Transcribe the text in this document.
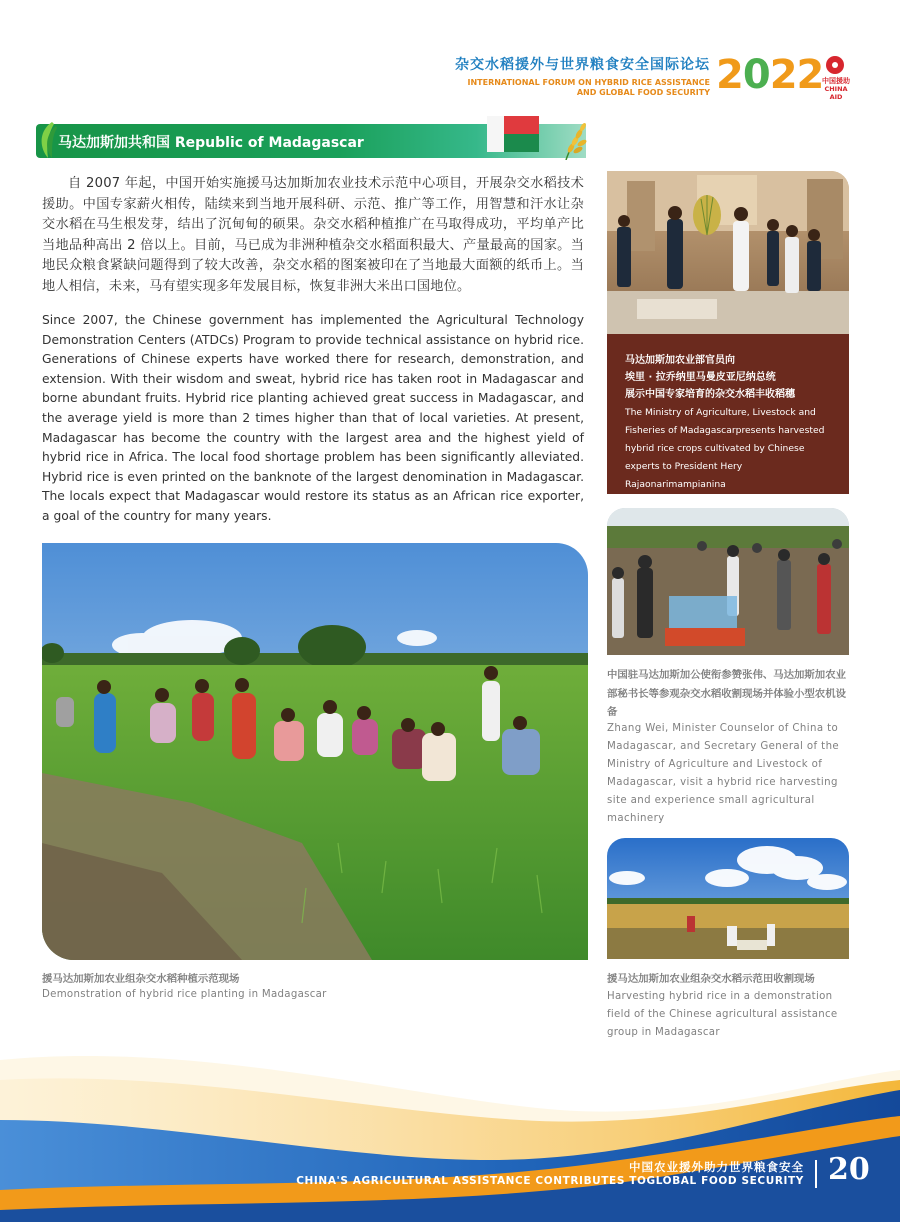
杂交水稻援外与世界粮食安全国际论坛
INTERNATIONAL FORUM ON HYBRID RICE ASSISTANCE
AND GLOBAL FOOD SECURITY 2022
中国援助
CHINA AID
马达加斯加共和国 Republic of Madagascar

自 2007 年起，中国开始实施援马达加斯加农业技术示范中心项目，开展杂交水稻技术援助。中国专家薪火相传，陆续来到当地开展科研、示范、推广等工作，用智慧和汗水让杂交水稻在马生根发芽，结出了沉甸甸的硕果。杂交水稻种植推广在马取得成功，平均单产比当地品种高出 2 倍以上。目前，马已成为非洲种植杂交水稻面积最大、产量最高的国家。当地民众粮食紧缺问题得到了较大改善，杂交水稻的图案被印在了当地最大面额的纸币上。当地人相信，未来，马有望实现多年发展目标，恢复非洲大米出口国地位。

Since 2007, the Chinese government has implemented the Agricultural Technology Demonstration Centers (ATDCs) Program to provide technical assistance on hybrid rice. Generations of Chinese experts have worked there for research, demonstration, and extension. With their wisdom and sweat, hybrid rice has taken root in Madagascar and borne abundant fruits. Hybrid rice planting achieved great success in Madagascar, and the average yield is more than 2 times higher than that of local varieties. At present, Madagascar has become the country with the largest area and the highest yield of hybrid rice in Africa. The local food shortage problem has been significantly alleviated. Hybrid rice is even printed on the banknote of the largest denomination in Madagascar. The locals expect that Madagascar would restore its status as an African rice exporter, a goal of the country for many years.

马达加斯加农业部官员向
埃里 · 拉乔纳里马曼皮亚尼纳总统
展示中国专家培育的杂交水稻丰收稻穗
The Ministry of Agriculture, Livestock and Fisheries of Madagascarpresents harvested hybrid rice crops cultivated by Chinese experts to President Hery Rajaonarimampianina
中国驻马达加斯加公使衔参赞张伟、马达加斯加农业部秘书长等参观杂交水稻收割现场并体验小型农机设备
Zhang Wei, Minister Counselor of China to Madagascar, and Secretary General of the Ministry of Agriculture and Livestock of Madagascar, visit a hybrid rice harvesting site and experience small agricultural machinery
援马达加斯加农业组杂交水稻示范田收割现场
Harvesting hybrid rice in a demonstration field of the Chinese agricultural assistance group in Madagascar
援马达加斯加农业组杂交水稻种植示范现场
Demonstration of hybrid rice planting in Madagascar
中国农业援外助力世界粮食安全
CHINA'S AGRICULTURAL ASSISTANCE CONTRIBUTES TOGLOBAL FOOD SECURITY 20
